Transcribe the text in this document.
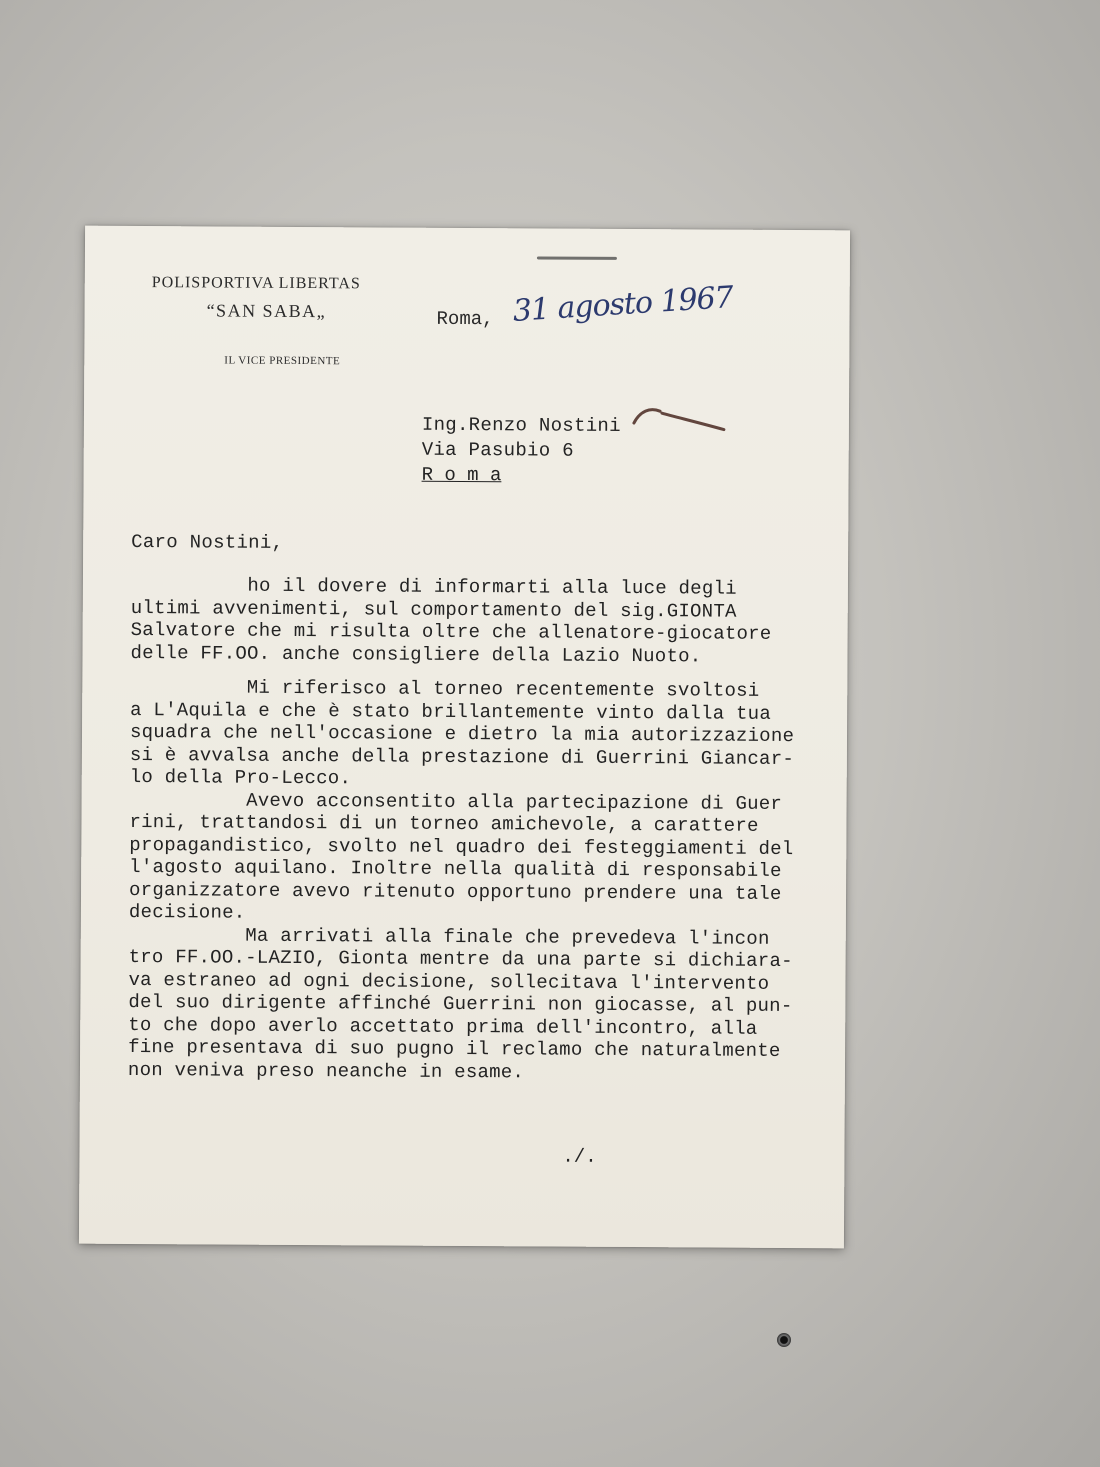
POLISPORTIVA LIBERTAS
“SAN SABA„
IL VICE PRESIDENTE
Roma, 31 agosto 1967
Ing.Renzo Nostini
Via Pasubio 6
R o m a
Caro Nostini,
ho il dovere di informarti alla luce degli
ultimi avvenimenti, sul comportamento del sig.GIONTA
Salvatore che mi risulta oltre che allenatore-giocatore
delle FF.OO. anche consigliere della Lazio Nuoto.
Mi riferisco al torneo recentemente svoltosi
a L'Aquila e che è stato brillantemente vinto dalla tua
squadra che nell'occasione e dietro la mia autorizzazione
si è avvalsa anche della prestazione di Guerrini Giancar-
lo della Pro-Lecco.
Avevo acconsentito alla partecipazione di Guer
rini, trattandosi di un torneo amichevole, a carattere
propagandistico, svolto nel quadro dei festeggiamenti del
l'agosto aquilano. Inoltre nella qualità di responsabile
organizzatore avevo ritenuto opportuno prendere una tale
decisione.
Ma arrivati alla finale che prevedeva l'incon
tro FF.OO.-LAZIO, Gionta mentre da una parte si dichiara-
va estraneo ad ogni decisione, sollecitava l'intervento
del suo dirigente affinché Guerrini non giocasse, al pun-
to che dopo averlo accettato prima dell'incontro, alla
fine presentava di suo pugno il reclamo che naturalmente
non veniva preso neanche in esame.
./.
